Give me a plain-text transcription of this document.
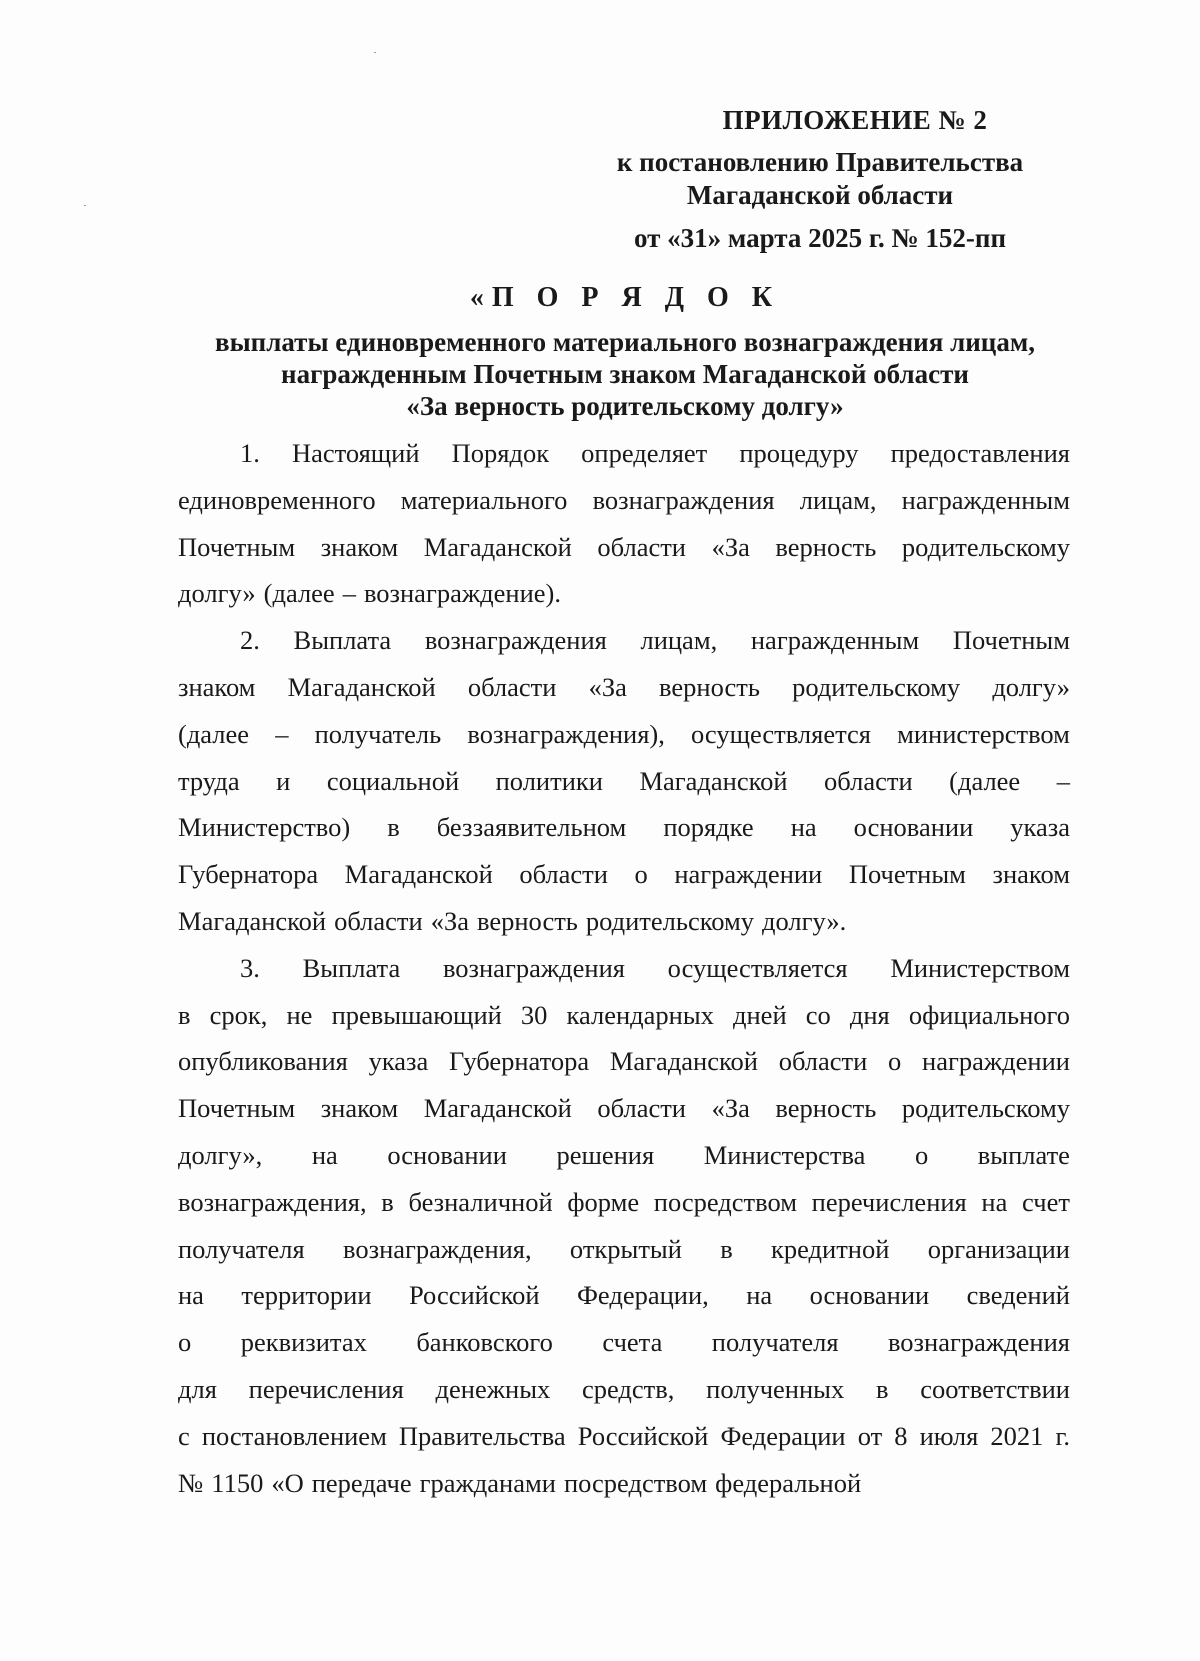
ПРИЛОЖЕНИЕ № 2
к постановлению Правительства
Магаданской области
от «31» марта 2025 г. № 152-пп
«П О Р Я Д О К
выплаты единовременного материального вознаграждения лицам,
награжденным Почетным знаком Магаданской области
«За верность родительскому долгу»
1. Настоящий Порядок определяет процедуру предоставления
единовременного материального вознаграждения лицам, награжденным
Почетным знаком Магаданской области «За верность родительскому
долгу» (далее – вознаграждение).
2. Выплата вознаграждения лицам, награжденным Почетным
знаком Магаданской области «За верность родительскому долгу»
(далее – получатель вознаграждения), осуществляется министерством
труда и социальной политики Магаданской области (далее –
Министерство) в беззаявительном порядке на основании указа
Губернатора Магаданской области о награждении Почетным знаком
Магаданской области «За верность родительскому долгу».
3. Выплата вознаграждения осуществляется Министерством
в срок, не превышающий 30 календарных дней со дня официального
опубликования указа Губернатора Магаданской области о награждении
Почетным знаком Магаданской области «За верность родительскому
долгу», на основании решения Министерства о выплате
вознаграждения, в безналичной форме посредством перечисления на счет
получателя вознаграждения, открытый в кредитной организации
на территории Российской Федерации, на основании сведений
о реквизитах банковского счета получателя вознаграждения
для перечисления денежных средств, полученных в соответствии
с постановлением Правительства Российской Федерации от 8 июля 2021 г.
№ 1150 «О передаче гражданами посредством федеральной
